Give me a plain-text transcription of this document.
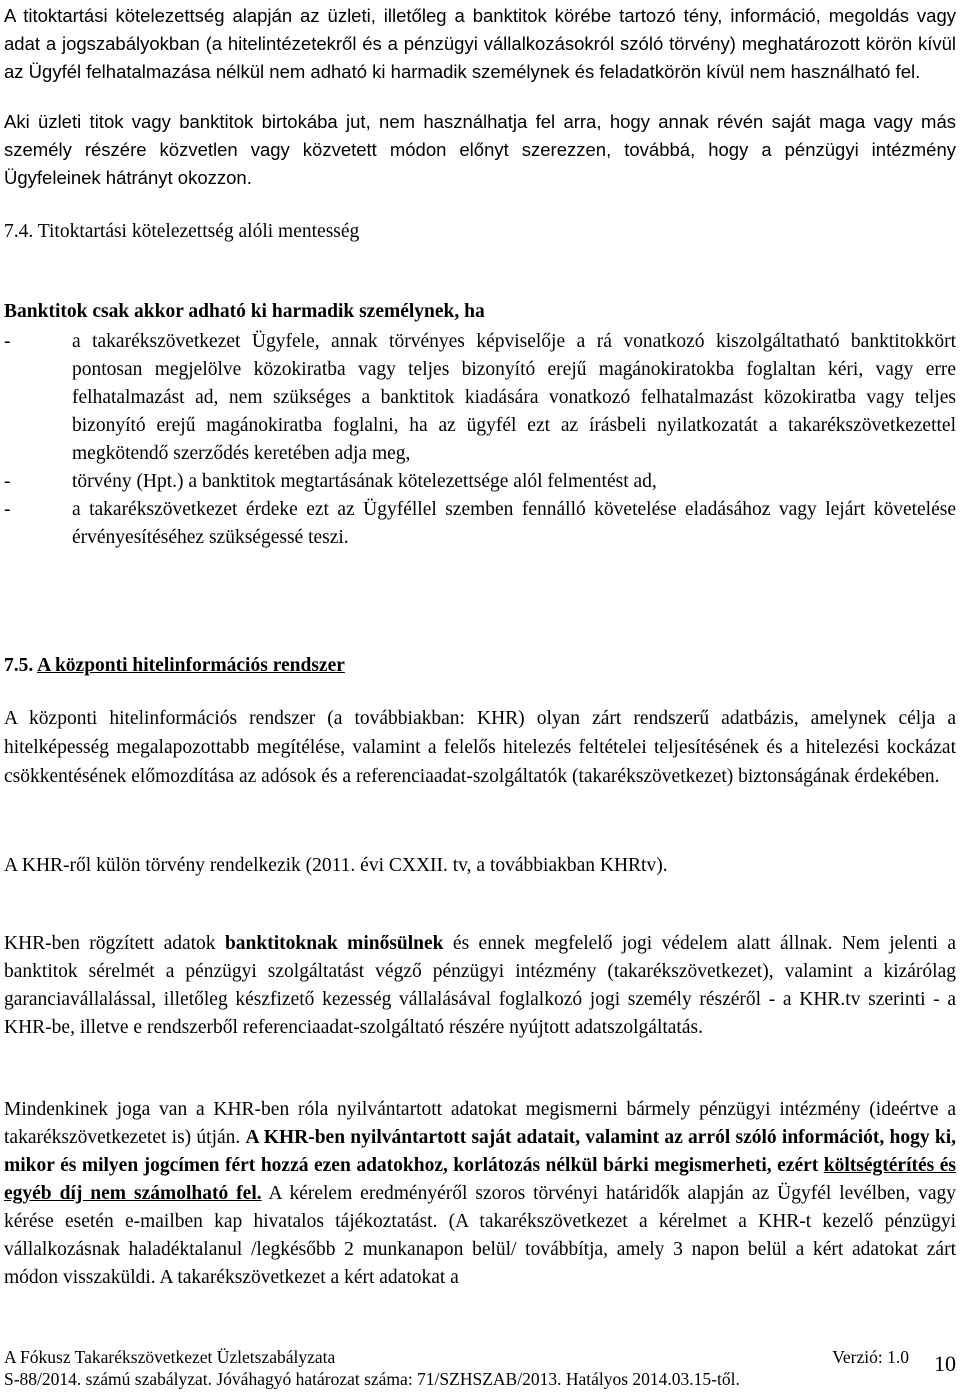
A titoktartási kötelezettség alapján az üzleti, illetőleg a banktitok körébe tartozó tény, információ, megoldás vagy adat a jogszabályokban (a hitelintézetekről és a pénzügyi vállalkozásokról szóló törvény) meghatározott körön kívül az Ügyfél felhatalmazása nélkül nem adható ki harmadik személynek és feladatkörön kívül nem használható fel.

Aki üzleti titok vagy banktitok birtokába jut, nem használhatja fel arra, hogy annak révén saját maga vagy más személy részére közvetlen vagy közvetett módon előnyt szerezzen, továbbá, hogy a pénzügyi intézmény Ügyfeleinek hátrányt okozzon.

7.4. Titoktartási kötelezettség alóli mentesség

Banktitok csak akkor adható ki harmadik személynek, ha

-	a takarékszövetkezet Ügyfele, annak törvényes képviselője a rá vonatkozó kiszolgáltatható banktitokkört pontosan megjelölve közokiratba vagy teljes bizonyító erejű magánokiratokba foglaltan kéri, vagy erre felhatalmazást ad, nem szükséges a banktitok kiadására vonatkozó felhatalmazást közokiratba vagy teljes bizonyító erejű magánokiratba foglalni, ha az ügyfél ezt az írásbeli nyilatkozatát a takarékszövetkezettel megkötendő szerződés keretében adja meg,
-	törvény (Hpt.) a banktitok megtartásának kötelezettsége alól felmentést ad,
-	a takarékszövetkezet érdeke ezt az Ügyféllel szemben fennálló követelése eladásához vagy lejárt követelése érvényesítéséhez szükségessé teszi.

7.5. A központi hitelinformációs rendszer

A központi hitelinformációs rendszer (a továbbiakban: KHR) olyan zárt rendszerű adatbázis, amelynek célja a hitelképesség megalapozottabb megítélése, valamint a felelős hitelezés feltételei teljesítésének és a hitelezési kockázat csökkentésének előmozdítása az adósok és a referenciaadat-szolgáltatók (takarékszövetkezet) biztonságának érdekében.

A KHR-ről külön törvény rendelkezik (2011. évi CXXII. tv, a továbbiakban KHRtv).

KHR-ben rögzített adatok banktitoknak minősülnek és ennek megfelelő jogi védelem alatt állnak. Nem jelenti a banktitok sérelmét a pénzügyi szolgáltatást végző pénzügyi intézmény (takarékszövetkezet), valamint a kizárólag garanciavállalással, illetőleg készfizető kezesség vállalásával foglalkozó jogi személy részéről - a KHR.tv szerinti - a KHR-be, illetve e rendszerből referenciaadat-szolgáltató részére nyújtott adatszolgáltatás.

Mindenkinek joga van a KHR-ben róla nyilvántartott adatokat megismerni bármely pénzügyi intézmény (ideértve a takarékszövetkezetet is) útján. A KHR-ben nyilvántartott saját adatait, valamint az arról szóló információt, hogy ki, mikor és milyen jogcímen fért hozzá ezen adatokhoz, korlátozás nélkül bárki megismerheti, ezért költségtérítés és egyéb díj nem számolható fel. A kérelem eredményéről szoros törvényi határidők alapján az Ügyfél levélben, vagy kérése esetén e-mailben kap hivatalos tájékoztatást. (A takarékszövetkezet a kérelmet a KHR-t kezelő pénzügyi vállalkozásnak haladéktalanul /legkésőbb 2 munkanapon belül/ továbbítja, amely 3 napon belül a kért adatokat zárt módon visszaküldi. A takarékszövetkezet a kért adatokat a

A Fókusz Takarékszövetkezet Üzletszabályzata	Verzió: 1.0
S-88/2014. számú szabályzat. Jóváhagyó határozat száma: 71/SZHSZAB/2013. Hatályos 2014.03.15-től.
10
